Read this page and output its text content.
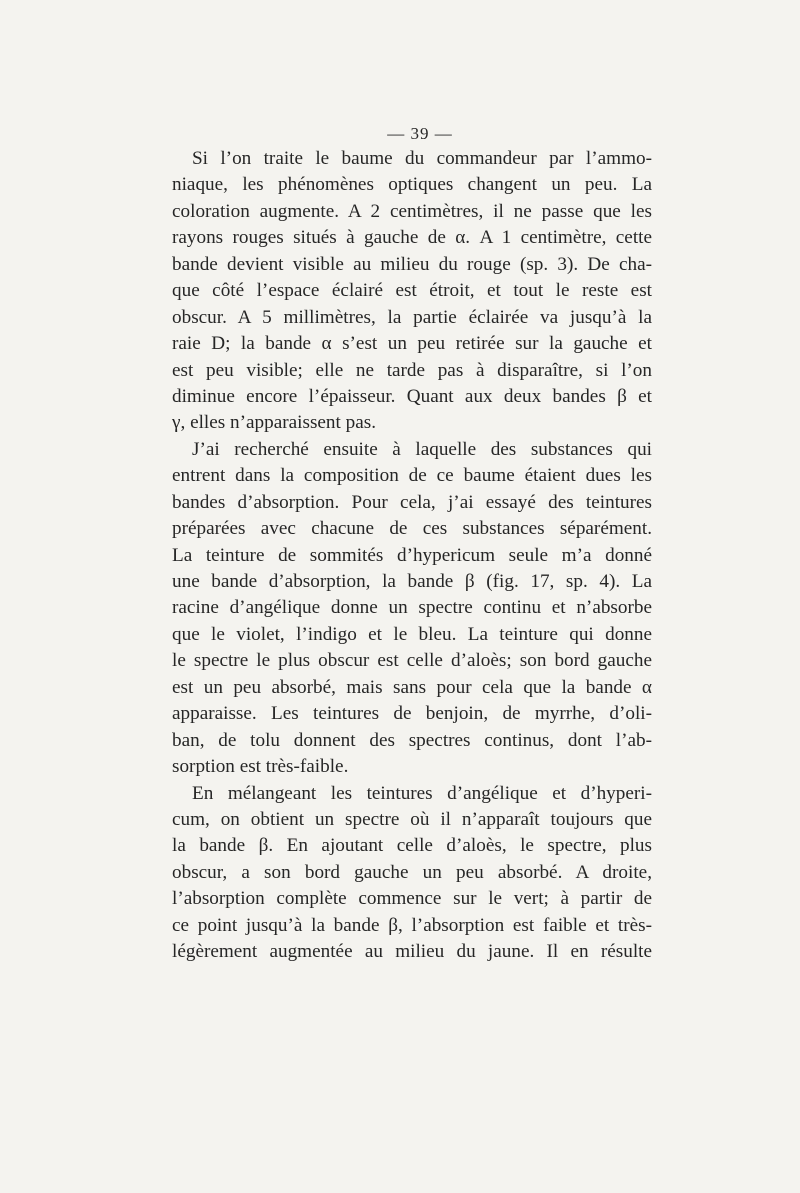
— 39 —

Si l’on traite le baume du commandeur par l’ammo-
niaque, les phénomènes optiques changent un peu. La
coloration augmente. A 2 centimètres, il ne passe que les
rayons rouges situés à gauche de α. A 1 centimètre, cette
bande devient visible au milieu du rouge (sp. 3). De cha-
que côté l’espace éclairé est étroit, et tout le reste est
obscur. A 5 millimètres, la partie éclairée va jusqu’à la
raie D; la bande α s’est un peu retirée sur la gauche et
est peu visible; elle ne tarde pas à disparaître, si l’on
diminue encore l’épaisseur. Quant aux deux bandes β et
γ, elles n’apparaissent pas.

J’ai recherché ensuite à laquelle des substances qui
entrent dans la composition de ce baume étaient dues les
bandes d’absorption. Pour cela, j’ai essayé des teintures
préparées avec chacune de ces substances séparément.
La teinture de sommités d’hypericum seule m’a donné
une bande d’absorption, la bande β (fig. 17, sp. 4). La
racine d’angélique donne un spectre continu et n’absorbe
que le violet, l’indigo et le bleu. La teinture qui donne
le spectre le plus obscur est celle d’aloès; son bord gauche
est un peu absorbé, mais sans pour cela que la bande α
apparaisse. Les teintures de benjoin, de myrrhe, d’oli-
ban, de tolu donnent des spectres continus, dont l’ab-
sorption est très-faible.

En mélangeant les teintures d’angélique et d’hyperi-
cum, on obtient un spectre où il n’apparaît toujours que
la bande β. En ajoutant celle d’aloès, le spectre, plus
obscur, a son bord gauche un peu absorbé. A droite,
l’absorption complète commence sur le vert; à partir de
ce point jusqu’à la bande β, l’absorption est faible et très-
légèrement augmentée au milieu du jaune. Il en résulte
